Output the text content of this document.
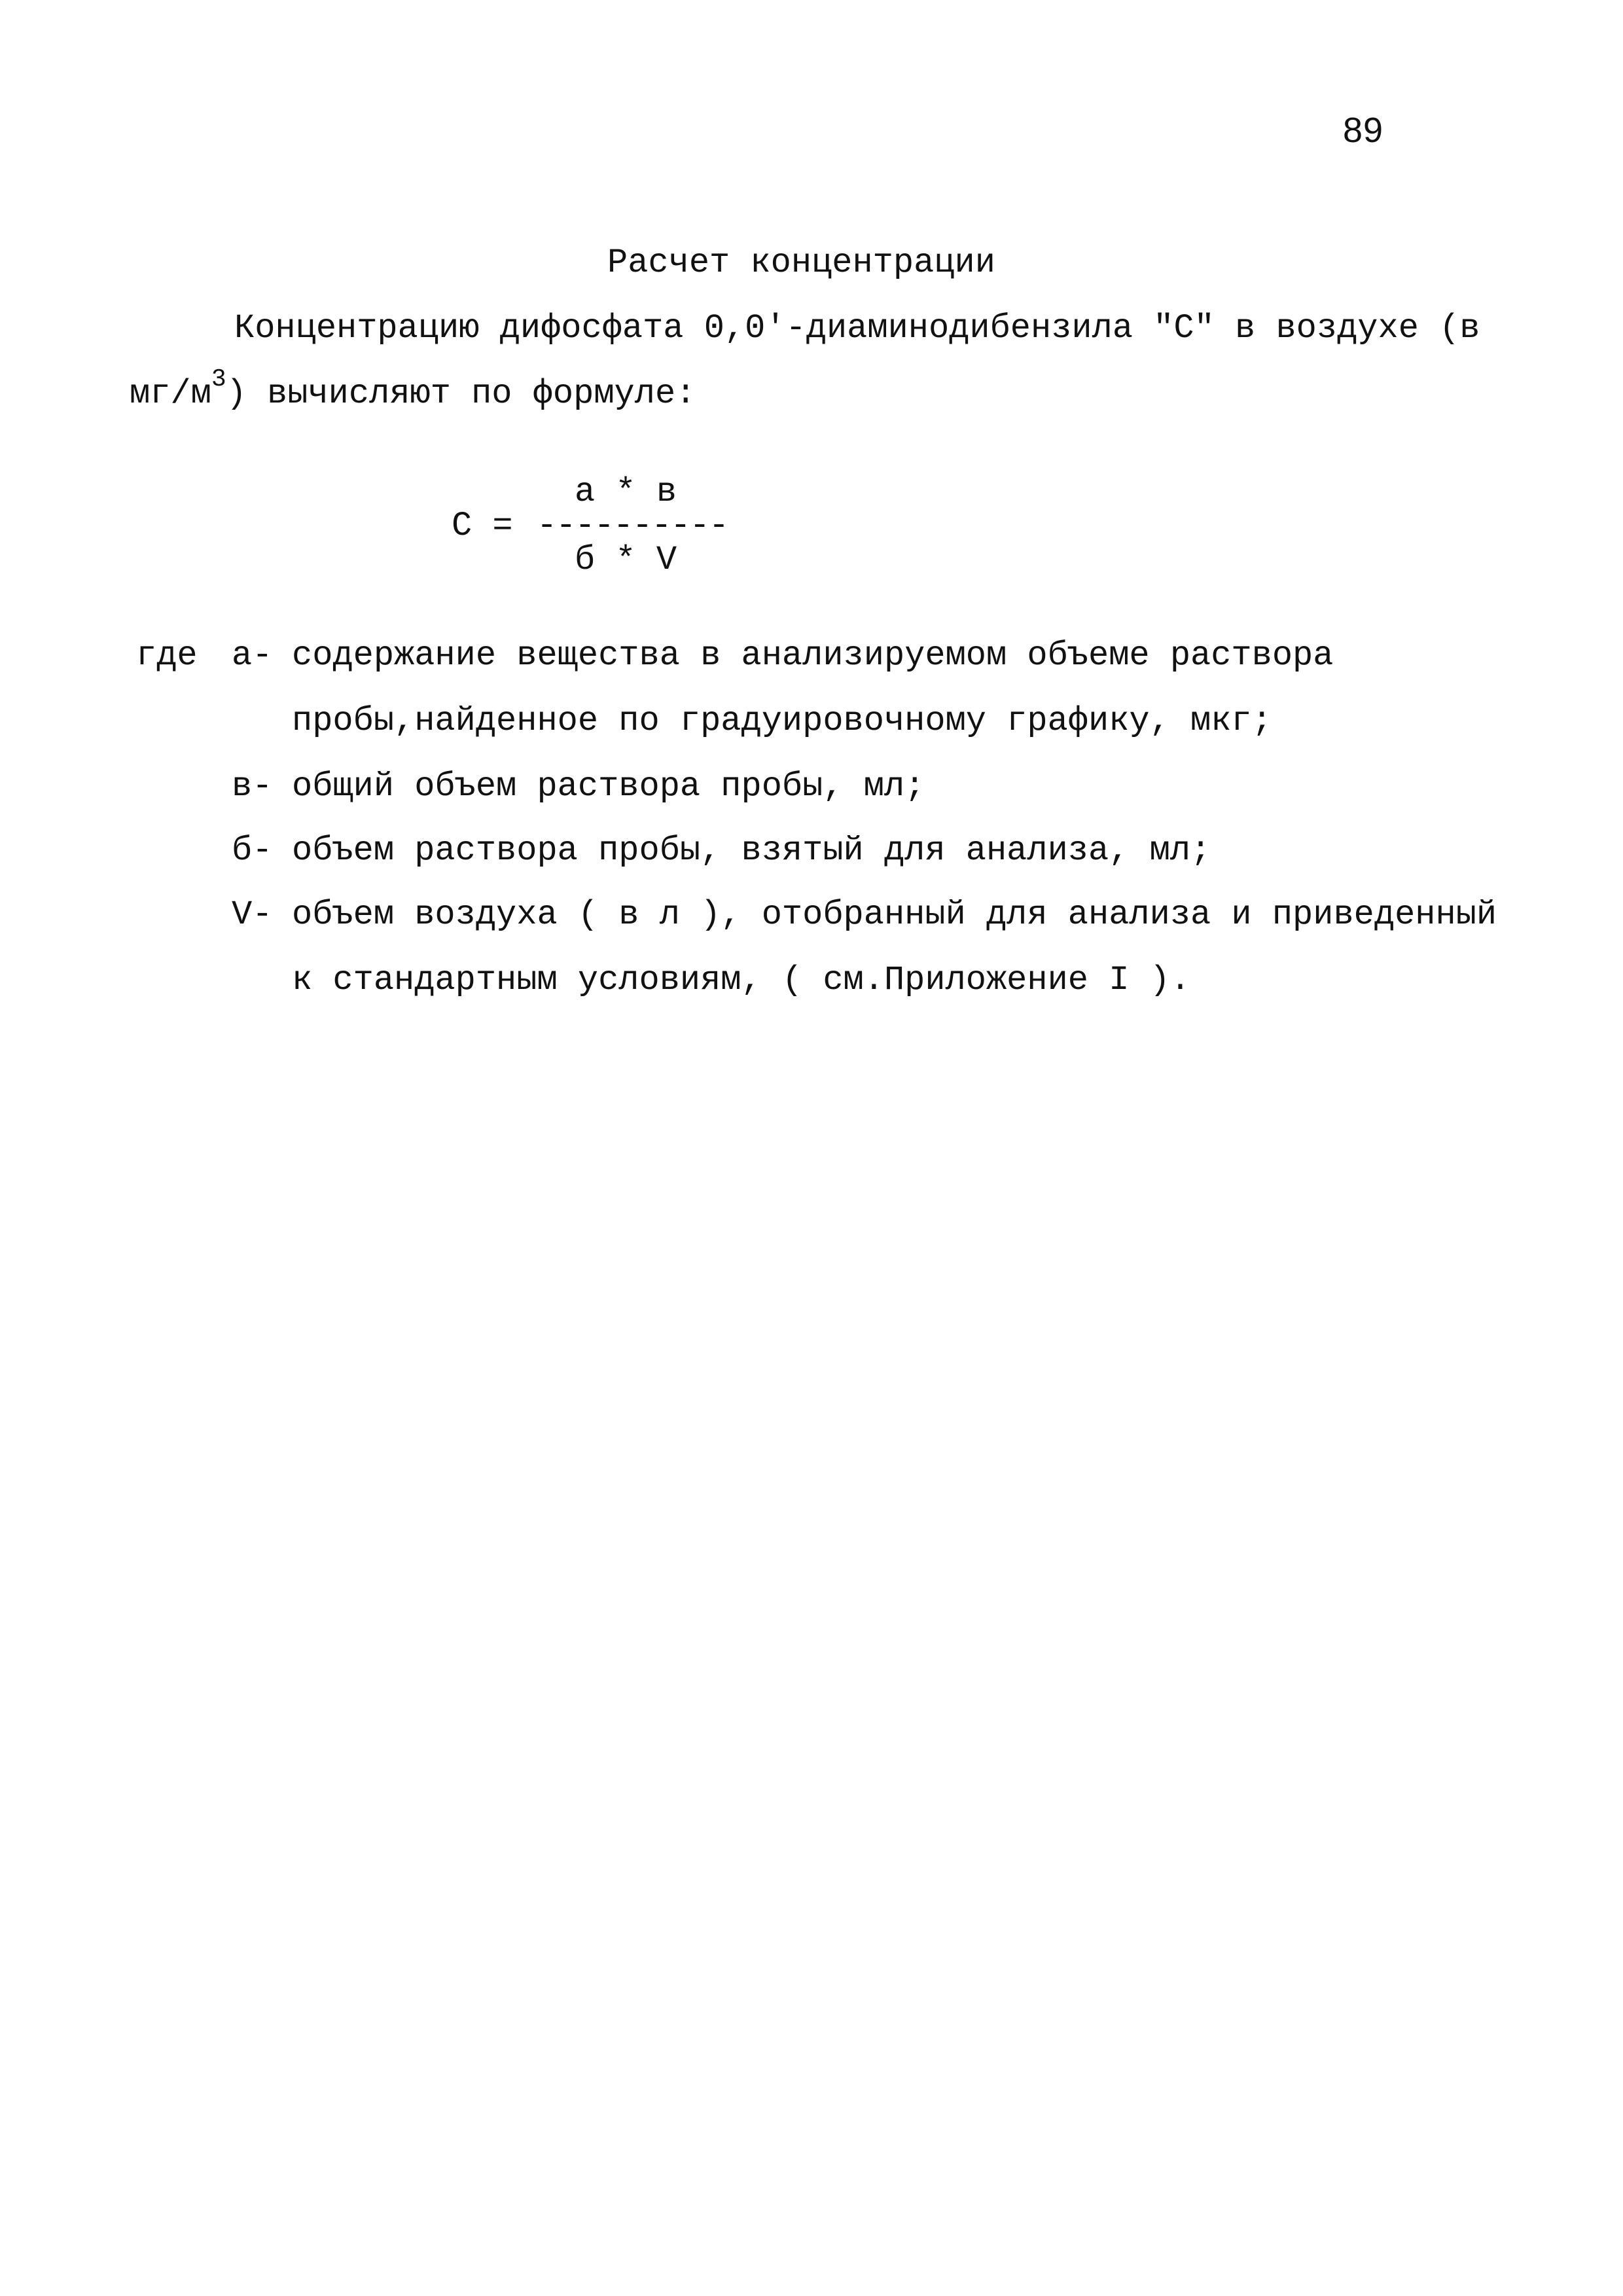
89
Расчет концентрации
Концентрацию дифосфата 0,0'-диаминодибензила "С" в воздухе (в
$мг/м^3$) вычисляют по формуле:
С =
а * в
----------
б * V
где а- содержание вещества в анализируемом объеме раствора
пробы,найденное по градуировочному графику, мкг;
в- общий объем раствора пробы, мл;
б- объем раствора пробы, взятый для анализа, мл;
V- объем воздуха ( в л ), отобранный для анализа и приведенный
к стандартным условиям, ( см.Приложение I ).
